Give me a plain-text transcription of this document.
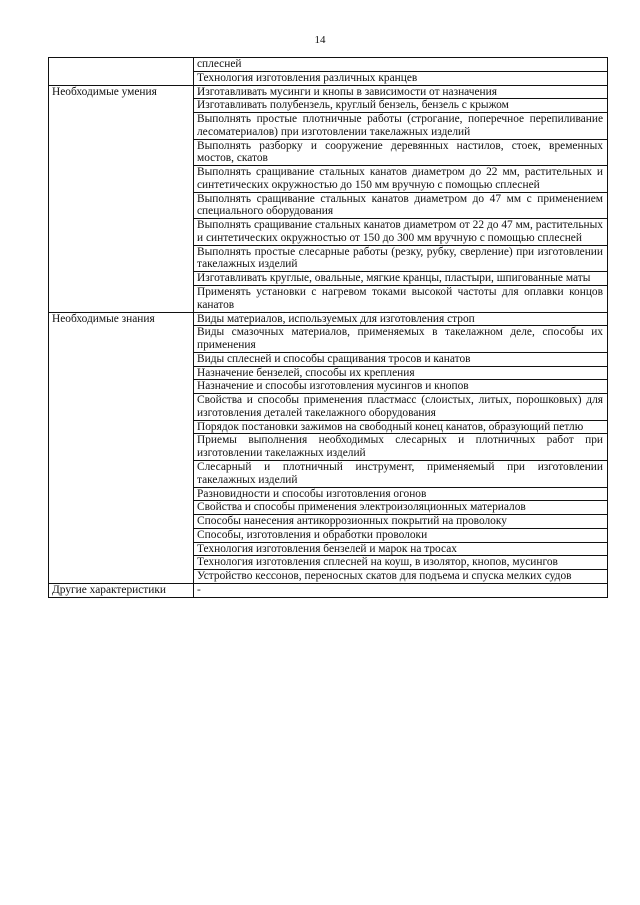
14
	сплесней
	Технология изготовления различных кранцев
Необходимые умения	Изготавливать мусинги и кнопы в зависимости от назначения
	Изготавливать полубензель, круглый бензель, бензель с крыжом
	Выполнять простые плотничные работы (строгание, поперечное перепиливание лесоматериалов) при изготовлении такелажных изделий
	Выполнять разборку и сооружение деревянных настилов, стоек, временных мостов, скатов
	Выполнять сращивание стальных канатов диаметром до 22 мм, растительных и синтетических окружностью до 150 мм вручную с помощью сплесней
	Выполнять сращивание стальных канатов диаметром до 47 мм с применением специального оборудования
	Выполнять сращивание стальных канатов диаметром от 22 до 47 мм, растительных и синтетических окружностью от 150 до 300 мм вручную с помощью сплесней
	Выполнять простые слесарные работы (резку, рубку, сверление) при изготовлении такелажных изделий
	Изготавливать круглые, овальные, мягкие кранцы, пластыри, шпигованные маты
	Применять установки с нагревом токами высокой частоты для оплавки концов канатов
Необходимые знания	Виды материалов, используемых для изготовления строп
	Виды смазочных материалов, применяемых в такелажном деле, способы их применения
	Виды сплесней и способы сращивания тросов и канатов
	Назначение бензелей, способы их крепления
	Назначение и способы изготовления мусингов и кнопов
	Свойства и способы применения пластмасс (слоистых, литых, порошковых) для изготовления деталей такелажного оборудования
	Порядок постановки зажимов на свободный конец канатов, образующий петлю
	Приемы выполнения необходимых слесарных и плотничных работ при изготовлении такелажных изделий
	Слесарный и плотничный инструмент, применяемый при изготовлении такелажных изделий
	Разновидности и способы изготовления огонов
	Свойства и способы применения электроизоляционных материалов
	Способы нанесения антикоррозионных покрытий на проволоку
	Способы, изготовления и обработки проволоки
	Технология изготовления бензелей и марок на тросах
	Технология изготовления сплесней на коуш, в изолятор, кнопов, мусингов
	Устройство кессонов, переносных скатов для подъема и спуска мелких судов
Другие характеристики	-
